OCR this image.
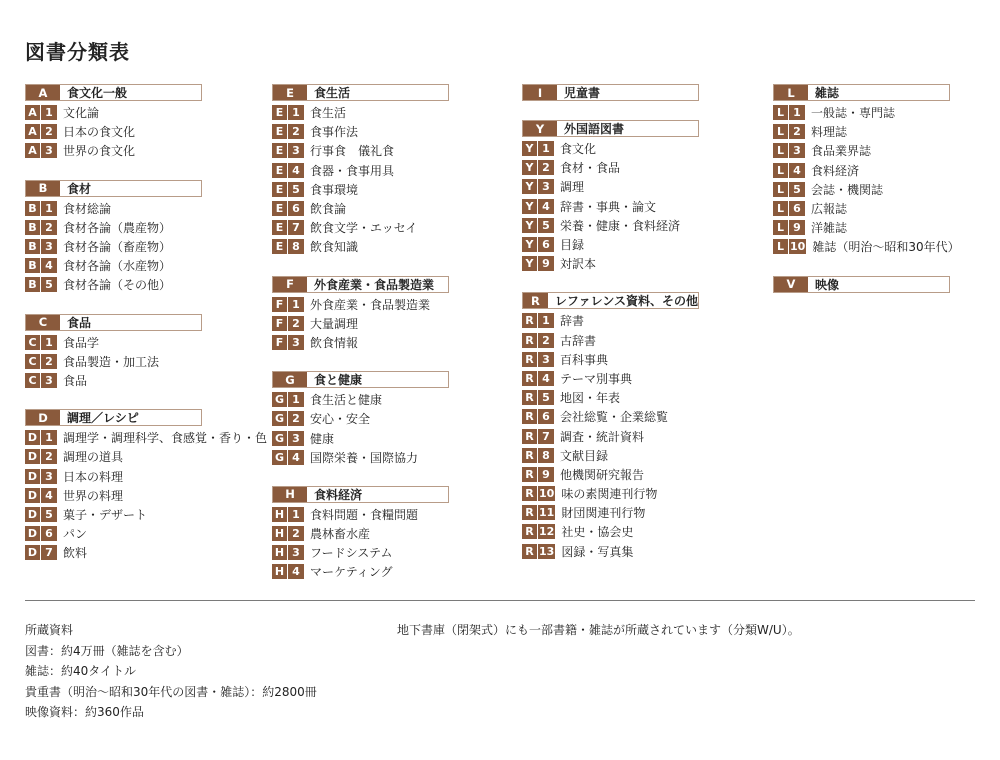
図書分類表
A	食文化一般
A 1 文化論
A 2 日本の食文化
A 3 世界の食文化
B	食材
B 1 食材総論
B 2 食材各論（農産物）
B 3 食材各論（畜産物）
B 4 食材各論（水産物）
B 5 食材各論（その他）
C	食品
C 1 食品学
C 2 食品製造・加工法
C 3 食品
D	調理／レシピ
D 1 調理学・調理科学、食感覚・香り・色
D 2 調理の道具
D 3 日本の料理
D 4 世界の料理
D 5 菓子・デザート
D 6 パン
D 7 飲料
E	食生活
E 1 食生活
E 2 食事作法
E 3 行事食　儀礼食
E 4 食器・食事用具
E 5 食事環境
E 6 飲食論
E 7 飲食文学・エッセイ
E 8 飲食知識
F	外食産業・食品製造業
F 1 外食産業・食品製造業
F 2 大量調理
F 3 飲食情報
G	食と健康
G 1 食生活と健康
G 2 安心・安全
G 3 健康
G 4 国際栄養・国際協力
H	食料経済
H 1 食料問題・食糧問題
H 2 農林畜水産
H 3 フードシステム
H 4 マーケティング
I	児童書
Y	外国語図書
Y 1 食文化
Y 2 食材・食品
Y 3 調理
Y 4 辞書・事典・論文
Y 5 栄養・健康・食料経済
Y 6 目録
Y 9 対訳本
R	レファレンス資料、その他
R 1 辞書
R 2 古辞書
R 3 百科事典
R 4 テーマ別事典
R 5 地図・年表
R 6 会社総覧・企業総覧
R 7 調査・統計資料
R 8 文献目録
R 9 他機関研究報告
R 10 味の素関連刊行物
R 11 財団関連刊行物
R 12 社史・協会史
R 13 図録・写真集
L	雑誌
L 1 一般誌・専門誌
L 2 料理誌
L 3 食品業界誌
L 4 食料経済
L 5 会誌・機関誌
L 6 広報誌
L 9 洋雑誌
L 10 雑誌（明治～昭和30年代）
V	映像
所蔵資料
図書：約4万冊（雑誌を含む）
雑誌：約40タイトル
貴重書（明治～昭和30年代の図書・雑誌）：約2800冊
映像資料：約360作品
地下書庫（閉架式）にも一部書籍・雑誌が所蔵されています（分類W/U）。
